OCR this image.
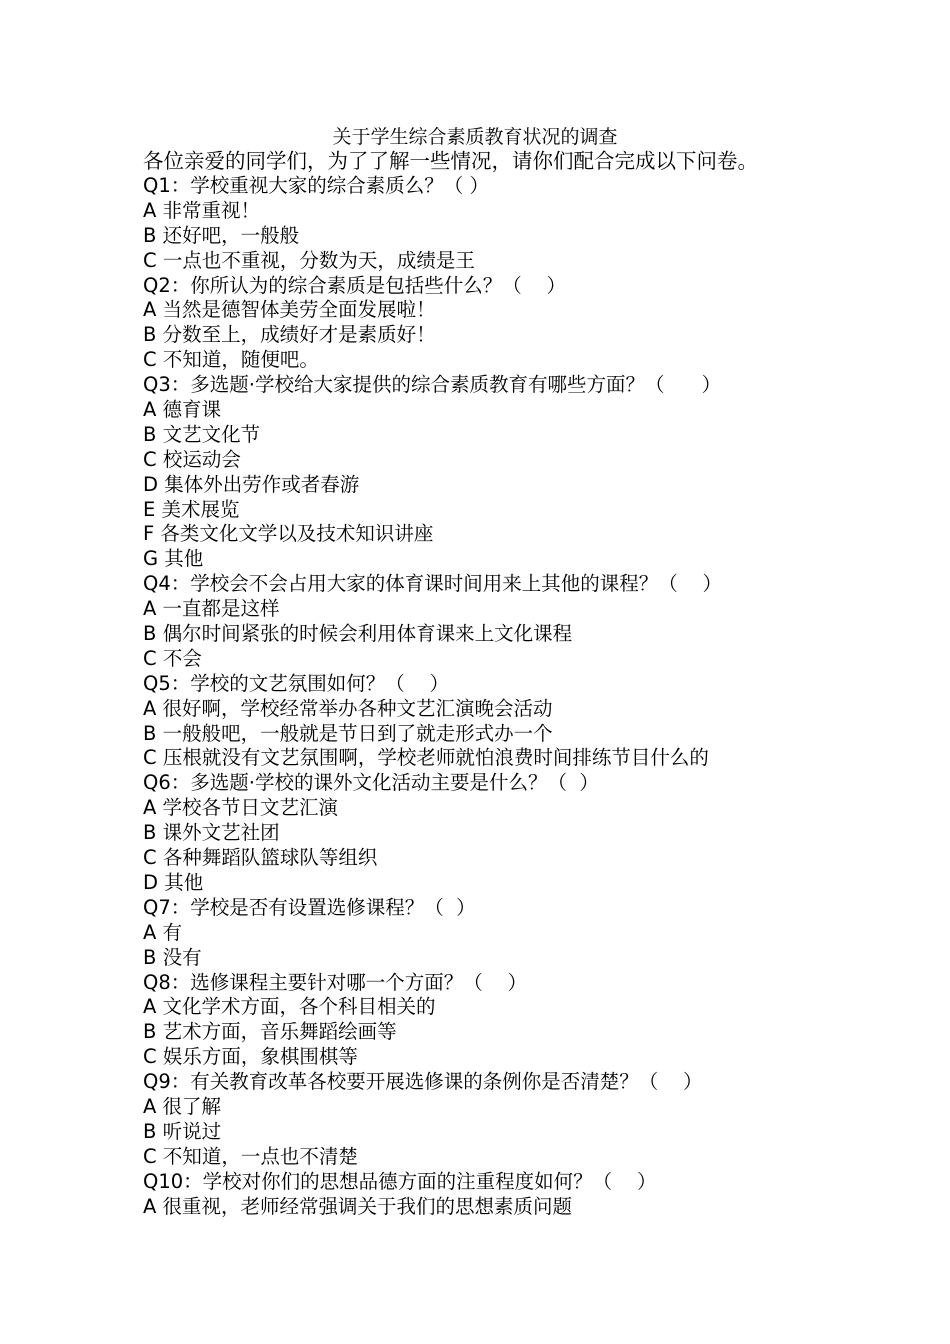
关于学生综合素质教育状况的调查
各位亲爱的同学们，为了了解一些情况，请你们配合完成以下问卷。
Q1：学校重视大家的综合素质么？（ ）
A 非常重视！
B 还好吧，一般般
C 一点也不重视，分数为天，成绩是王
Q2：你所认为的综合素质是包括些什么？（    ）
A 当然是德智体美劳全面发展啦！
B 分数至上，成绩好才是素质好！
C 不知道，随便吧。
Q3：多选题·学校给大家提供的综合素质教育有哪些方面？（      ）
A 德育课
B 文艺文化节
C 校运动会
D 集体外出劳作或者春游
E 美术展览
F 各类文化文学以及技术知识讲座
G 其他
Q4：学校会不会占用大家的体育课时间用来上其他的课程？（    ）
A 一直都是这样
B 偶尔时间紧张的时候会利用体育课来上文化课程
C 不会
Q5：学校的文艺氛围如何？（    ）
A 很好啊，学校经常举办各种文艺汇演晚会活动
B 一般般吧，一般就是节日到了就走形式办一个
C 压根就没有文艺氛围啊，学校老师就怕浪费时间排练节目什么的
Q6：多选题·学校的课外文化活动主要是什么？（  ）
A 学校各节日文艺汇演
B 课外文艺社团
C 各种舞蹈队篮球队等组织
D 其他
Q7：学校是否有设置选修课程？（  ）
A 有
B 没有
Q8：选修课程主要针对哪一个方面？（    ）
A 文化学术方面，各个科目相关的
B 艺术方面，音乐舞蹈绘画等
C 娱乐方面，象棋围棋等
Q9：有关教育改革各校要开展选修课的条例你是否清楚？（    ）
A 很了解
B 听说过
C 不知道，一点也不清楚
Q10：学校对你们的思想品德方面的注重程度如何？（    ）
A 很重视，老师经常强调关于我们的思想素质问题
